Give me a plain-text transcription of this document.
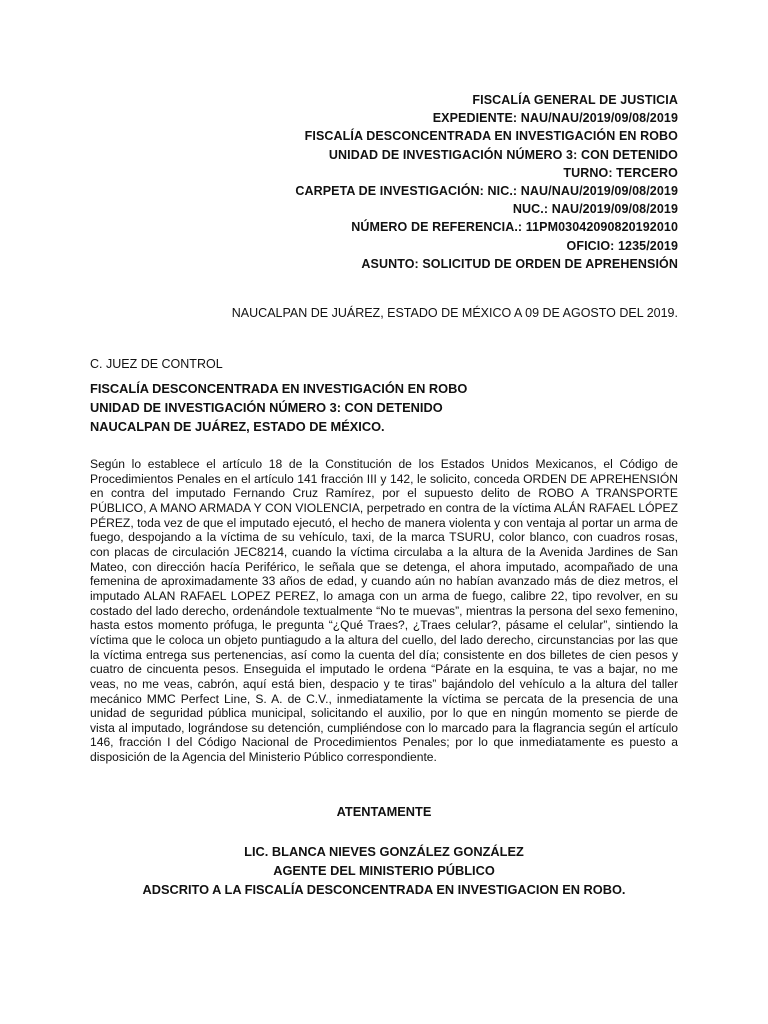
FISCALÍA GENERAL DE JUSTICIA
EXPEDIENTE: NAU/NAU/2019/09/08/2019
FISCALÍA DESCONCENTRADA EN INVESTIGACIÓN EN ROBO
UNIDAD DE INVESTIGACIÓN NÚMERO 3: CON DETENIDO
TURNO: TERCERO
CARPETA DE INVESTIGACIÓN: NIC.: NAU/NAU/2019/09/08/2019
NUC.: NAU/2019/09/08/2019
NÚMERO DE REFERENCIA.: 11PM03042090820192010
OFICIO: 1235/2019
ASUNTO: SOLICITUD DE ORDEN DE APREHENSIÓN
NAUCALPAN DE JUÁREZ, ESTADO DE MÉXICO A 09 DE AGOSTO DEL 2019.
C. JUEZ DE CONTROL
FISCALÍA DESCONCENTRADA EN INVESTIGACIÓN EN ROBO
UNIDAD DE INVESTIGACIÓN NÚMERO 3: CON DETENIDO
NAUCALPAN DE JUÁREZ, ESTADO DE MÉXICO.

Según lo establece el artículo 18 de la Constitución de los Estados Unidos Mexicanos, el Código de Procedimientos Penales en el artículo 141 fracción III y 142, le solicito, conceda ORDEN DE APREHENSIÓN en contra del imputado Fernando Cruz Ramírez, por el supuesto delito de ROBO A TRANSPORTE PÚBLICO, A MANO ARMADA Y CON VIOLENCIA, perpetrado en contra de la víctima ALÁN RAFAEL LÓPEZ PÉREZ, toda vez de que el imputado ejecutó, el hecho de manera violenta y con ventaja al portar un arma de fuego, despojando a la víctima de su vehículo, taxi, de la marca TSURU, color blanco, con cuadros rosas, con placas de circulación JEC8214, cuando la víctima circulaba a la altura de la Avenida Jardines de San Mateo, con dirección hacía Periférico, le señala que se detenga, el ahora imputado, acompañado de una femenina de aproximadamente 33 años de edad, y cuando aún no habían avanzado más de diez metros, el imputado ALAN RAFAEL LOPEZ PEREZ, lo amaga con un arma de fuego, calibre 22, tipo revolver, en su costado del lado derecho, ordenándole textualmente “No te muevas”, mientras la persona del sexo femenino, hasta estos momento prófuga, le pregunta “¿Qué Traes?, ¿Traes celular?, pásame el celular”, sintiendo la víctima que le coloca un objeto puntiagudo a la altura del cuello, del lado derecho, circunstancias por las que la víctima entrega sus pertenencias, así como la cuenta del día; consistente en dos billetes de cien pesos y cuatro de cincuenta pesos. Enseguida el imputado le ordena “Párate en la esquina, te vas a bajar, no me veas, no me veas, cabrón, aquí está bien, despacio y te tiras” bajándolo del vehículo a la altura del taller mecánico MMC Perfect Line, S. A. de C.V., inmediatamente la víctima se percata de la presencia de una unidad de seguridad pública municipal, solicitando el auxilio, por lo que en ningún momento se pierde de vista al imputado, lográndose su detención, cumpliéndose con lo marcado para la flagrancia según el artículo 146, fracción I del Código Nacional de Procedimientos Penales; por lo que inmediatamente es puesto a disposición de la Agencia del Ministerio Público correspondiente.

ATENTAMENTE
LIC. BLANCA NIEVES GONZÁLEZ GONZÁLEZ
AGENTE DEL MINISTERIO PÚBLICO
ADSCRITO A LA FISCALÍA DESCONCENTRADA EN INVESTIGACION EN ROBO.
